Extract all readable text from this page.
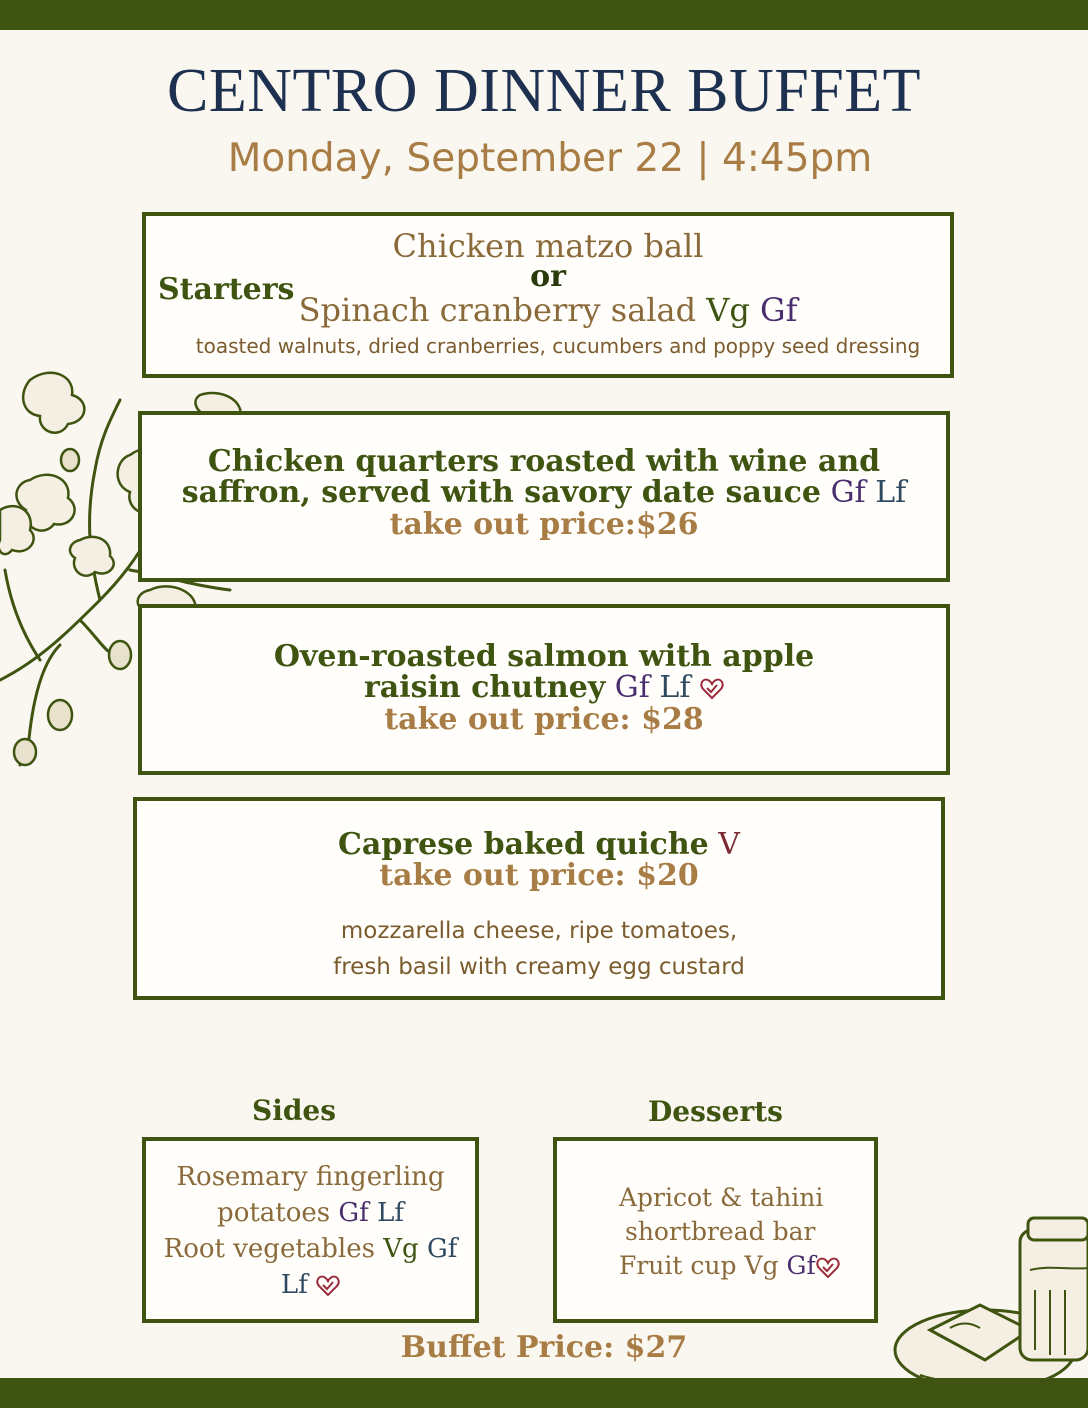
CENTRO DINNER BUFFET
Monday, September 22 | 4:45pm
Starters
Chicken matzo ball
or
Spinach cranberry salad Vg Gf
toasted walnuts, dried cranberries, cucumbers and poppy seed dressing
Chicken quarters roasted with wine and
saffron, served with savory date sauce Gf Lf
take out price:$26
Oven-roasted salmon with apple
raisin chutney Gf Lf
take out price: $28
Caprese baked quiche V
take out price: $20
mozzarella cheese, ripe tomatoes,
fresh basil with creamy egg custard
Sides
Rosemary fingerling
potatoes Gf Lf
Root vegetables Vg Gf
Lf
Desserts
Apricot & tahini
shortbread bar
Fruit cup Vg Gf
Buffet Price: $27
